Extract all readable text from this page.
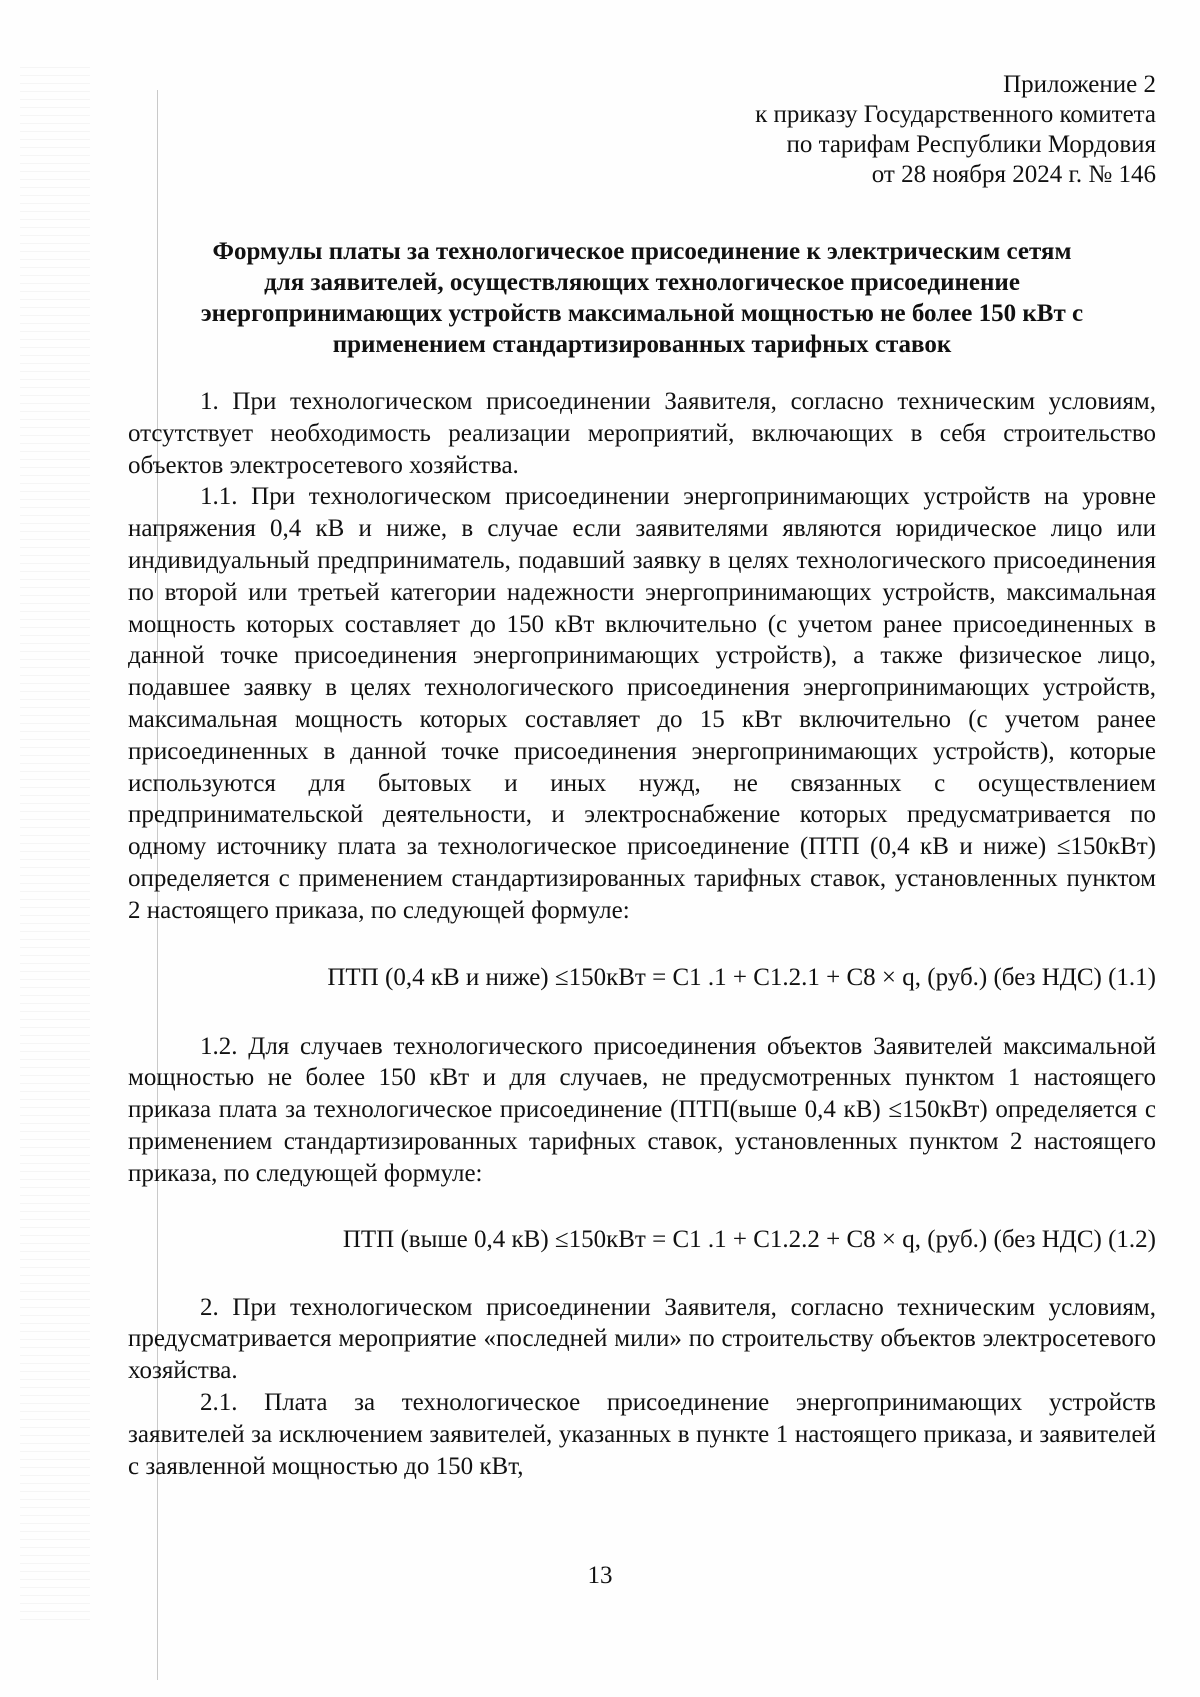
Приложение 2
к приказу Государственного комитета
по тарифам Республики Мордовия
от 28 ноября 2024 г. № 146
Формулы платы за технологическое присоединение к электрическим сетям
для заявителей, осуществляющих технологическое присоединение
энергопринимающих устройств максимальной мощностью не более 150 кВт с
применением стандартизированных тарифных ставок

1. При технологическом присоединении Заявителя, согласно техническим условиям, отсутствует необходимость реализации мероприятий, включающих в себя строительство объектов электросетевого хозяйства.

1.1. При технологическом присоединении энергопринимающих устройств на уровне напряжения 0,4 кВ и ниже, в случае если заявителями являются юридическое лицо или индивидуальный предприниматель, подавший заявку в целях технологического присоединения по второй или третьей категории надежности энергопринимающих устройств, максимальная мощность которых составляет до 150 кВт включительно (с учетом ранее присоединенных в данной точке присоединения энергопринимающих устройств), а также физическое лицо, подавшее заявку в целях технологического присоединения энергопринимающих устройств, максимальная мощность которых составляет до 15 кВт включительно (с учетом ранее присоединенных в данной точке присоединения энергопринимающих устройств), которые используются для бытовых и иных нужд, не связанных с осуществлением предпринимательской деятельности, и электроснабжение которых предусматривается по одному источнику плата за технологическое присоединение (ПТП (0,4 кВ и ниже) ≤150кВт) определяется с применением стандартизированных тарифных ставок, установленных пунктом 2 настоящего приказа, по следующей формуле:

ПТП (0,4 кВ и ниже) ≤150кВт = С1 .1 + С1.2.1 + С8 × q, (руб.) (без НДС) (1.1)

1.2. Для случаев технологического присоединения объектов Заявителей максимальной мощностью не более 150 кВт и для случаев, не предусмотренных пунктом 1 настоящего приказа плата за технологическое присоединение (ПТП(выше 0,4 кВ) ≤150кВт) определяется с применением стандартизированных тарифных ставок, установленных пунктом 2 настоящего приказа, по следующей формуле:

ПТП (выше 0,4 кВ) ≤150кВт = С1 .1 + С1.2.2 + С8 × q, (руб.) (без НДС) (1.2)

2. При технологическом присоединении Заявителя, согласно техническим условиям, предусматривается мероприятие «последней мили» по строительству объектов электросетевого хозяйства.

2.1. Плата за технологическое присоединение энергопринимающих устройств заявителей за исключением заявителей, указанных в пункте 1 настоящего приказа, и заявителей с заявленной мощностью до 150 кВт,

13
